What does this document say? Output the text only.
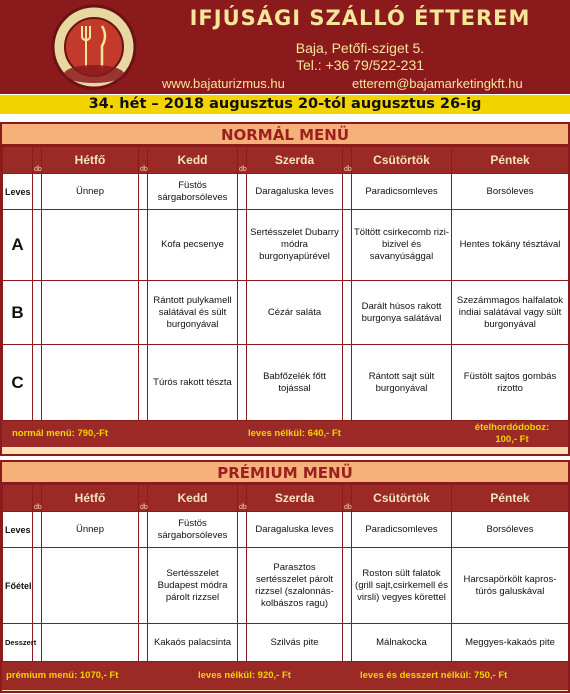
IFJÚSÁGI SZÁLLÓ ÉTTEREM
Baja, Petőfi-sziget 5.
Tel.: +36 79/522-231
www.bajaturizmus.hu	etterem@bajamarketingkft.hu
34. hét – 2018 augusztus 20-tól augusztus 26-ig
NORMÁL MENÜ
	db	Hétfő	db	Kedd	db	Szerda	db	Csütörtök	Péntek
Leves		Ünnep		Füstös sárgaborsóleves		Daragaluska leves		Paradicsomleves	Borsóleves
A				Kofa pecsenye		Sertésszelet Dubarry módra burgonyapürével		Töltött csirkecomb rizi-bizivel és savanyúsággal	Hentes tokány tésztával
B				Rántott pulykamell salátával és sült burgonyával		Cézár saláta		Darált húsos rakott burgonya salátával	Szezámmagos halfalatok indiai salátával vagy sült burgonyával
C				Túrós rakott tészta		Babfőzelék főtt tojással		Rántott sajt sült burgonyával	Füstölt sajtos gombás rizotto
normál menü: 790,-Ft	leves nélkül: 640,- Ft
ételhordódoboz:
100,- Ft
PRÉMIUM MENÜ
	db	Hétfő	db	Kedd	db	Szerda	db	Csütörtök	Péntek
Leves		Ünnep		Füstös sárgaborsóleves		Daragaluska leves		Paradicsomleves	Borsóleves
Főétel				Sertésszelet Budapest módra párolt rizzsel		Parasztos sertésszelet párolt rizzsel (szalonnás-kolbászos ragu)		Roston sült falatok (grill sajt,csirkemell és virsli) vegyes körettel	Harcsapörkölt kapros-túrós galuskával
Desszert				Kakaós palacsinta		Szilvás pite		Málnakocka	Meggyes-kakaós pite
prémium menü: 1070,- Ft	leves nélkül: 920,- Ft	leves és desszert nélkül: 750,- Ft
